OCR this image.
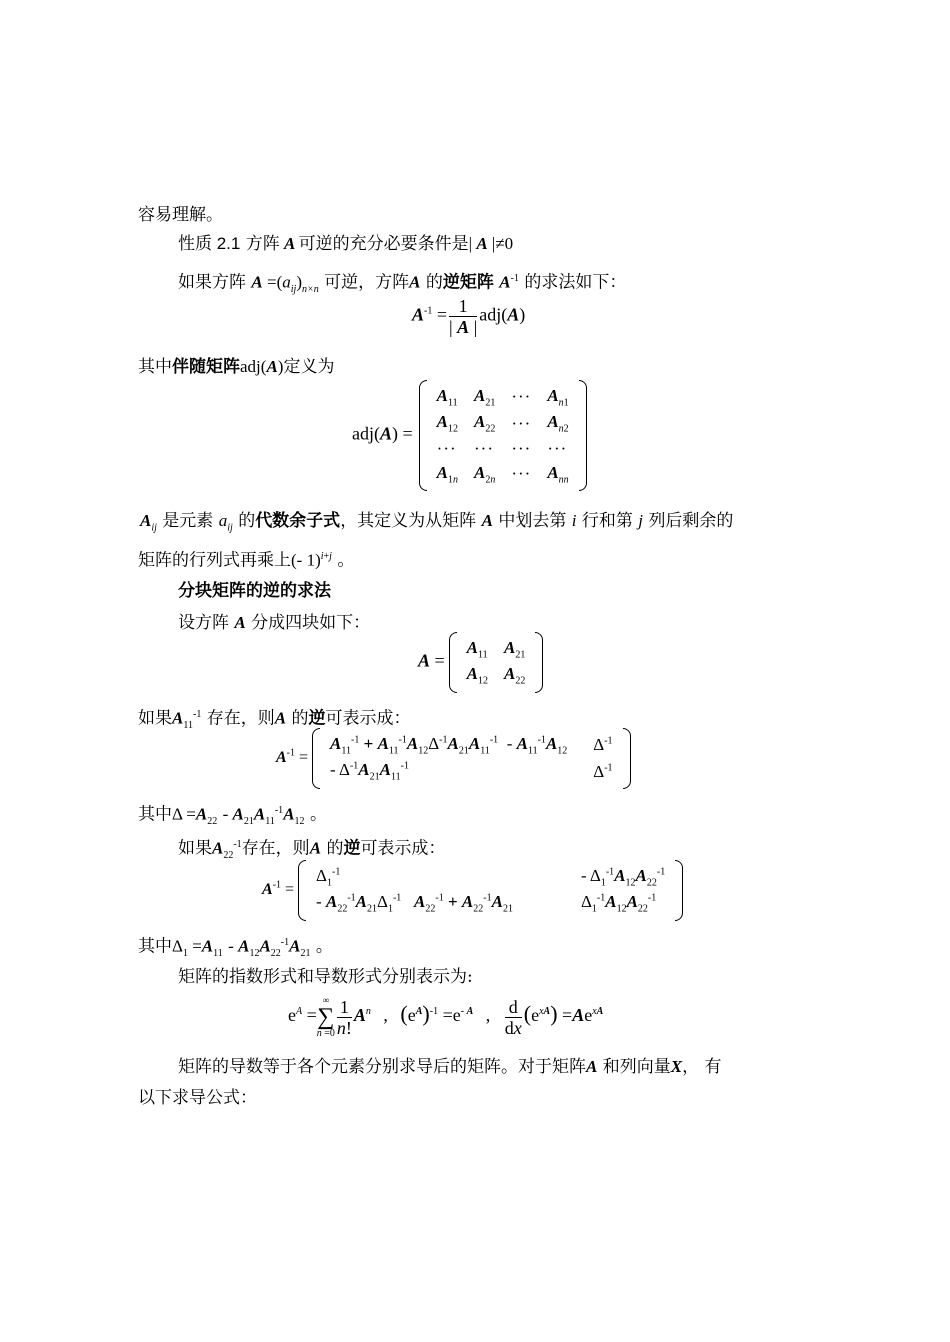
容易理解。
性质 2.1 方阵 A 可逆的充分必要条件是| A |≠0
如果方阵 $A =(a_{ij})_{n\times n}$ 可逆，方阵A 的逆矩阵 $A^{-1}$ 的求法如下：
$A^{-1} = \frac{1}{| A |} adj(A)$
其中伴随矩阵adj(A)定义为
adj(A) =
$A_{11}$	$A_{21}$	···	$A_{n1}$
$A_{12}$	$A_{22}$	···	$A_{n2}$
···	···	···	···
$A_{1n}$	$A_{2n}$	···	$A_{nn}$
$A_{ij}$ 是元素 $a_{ij}$ 的代数余子式，其定义为从矩阵 A 中划去第 i 行和第 j 列后剩余的
矩阵的行列式再乘上(- 1)$^{i+j}$ 。
分块矩阵的逆的求法
设方阵 A 分成四块如下：
A =
$A_{11}$	$A_{21}$
$A_{12}$	$A_{22}$
如果$A_{11}^{-1}$ 存在，则A 的逆可表示成：
$A^{-1}$ =
$A_{11}^{-1} + A_{11}^{-1}A_{12}\Delta^{-1}A_{21}A_{11}^{-1} - A_{11}^{-1}A_{12}$	$\Delta^{-1}$
- $\Delta^{-1}A_{21}A_{11}^{-1}$	$\Delta^{-1}$
其中$\Delta =A_{22} - A_{21}A_{11}^{-1}A_{12}$ 。
如果$A_{22}^{-1}$存在，则A 的逆可表示成：
$A^{-1}$ =
$\Delta_1^{-1}$	- $\Delta_1^{-1}A_{12}A_{22}^{-1}$
- $A_{22}^{-1}A_{21}\Delta_1^{-1}$ $A_{22}^{-1} + A_{22}^{-1}A_{21}$	$\Delta_1^{-1}A_{12}A_{22}^{-1}$
其中$\Delta_1 =A_{11} - A_{12}A_{22}^{-1}A_{21}$ 。
矩阵的指数形式和导数形式分别表示为:
$e^A$ =
∞
∑
$n =0 \frac{1}{n!} A^n$ , $(e^A)^{-1} =e^{- A}$ , $\frac{d}{dx} (e^{xA}) =Ae^{xA}$
矩阵的导数等于各个元素分别求导后的矩阵。对于矩阵A 和列向量X， 有
以下求导公式：
